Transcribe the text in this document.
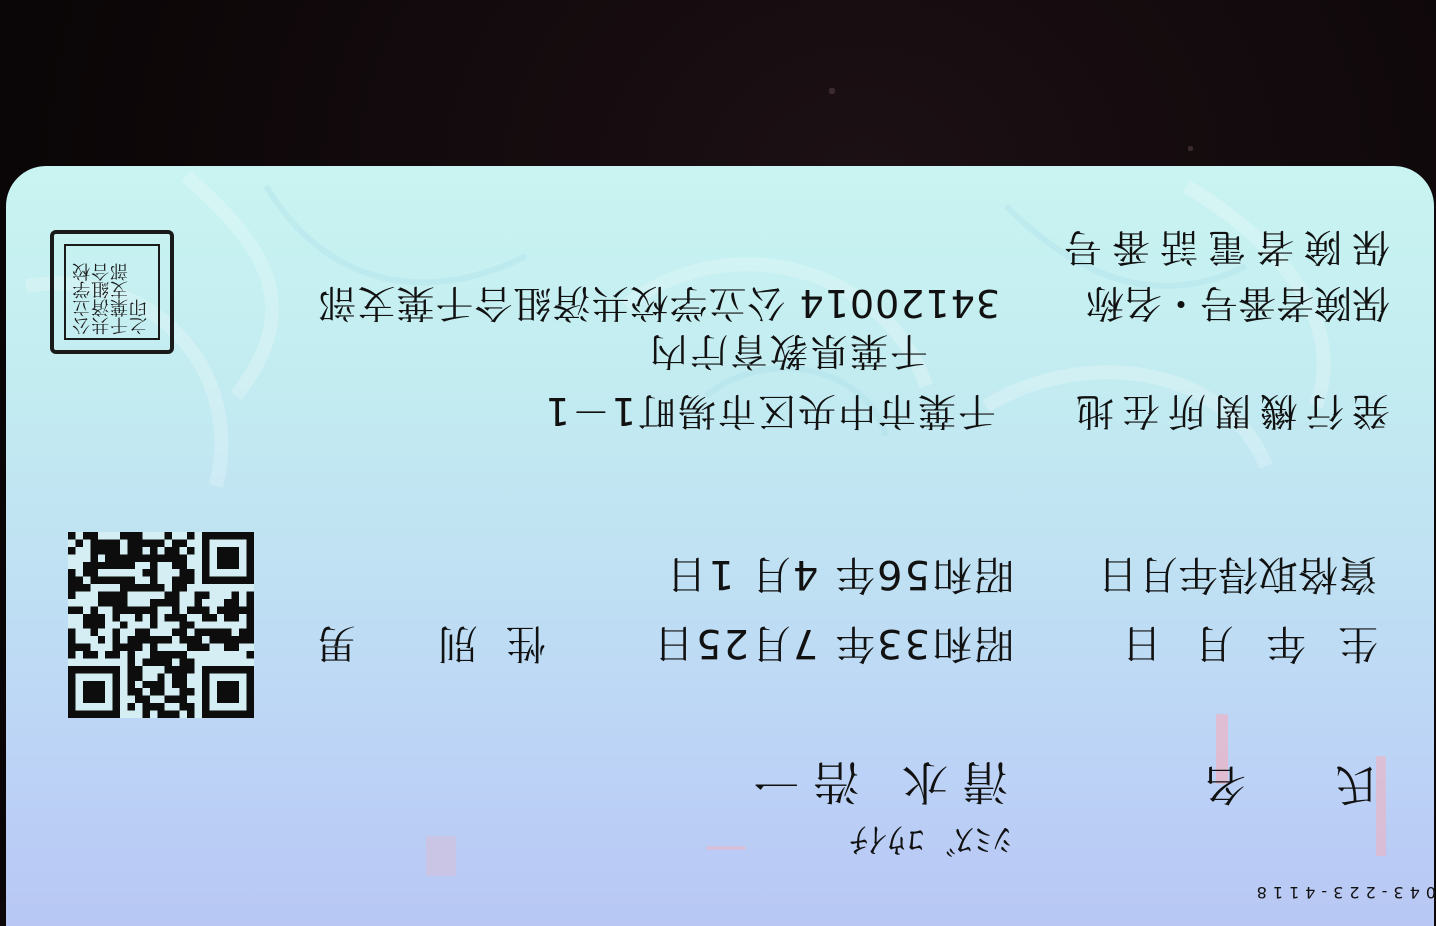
ｼﾐｽﾞ ｺｳｲﾁ
氏名
清水 浩一
生年月日
昭和33年 7月25日
性別
男
資格取得年月日
昭和56年 4月 1日
発行機関所在地
千葉市中央区市場町1－1
千葉県教育庁内
保険者番号・名称
34120014 公立学校共済組合千葉支部
保険者電話番号
043-223-4118
公立学校共済組合千葉支部之印
